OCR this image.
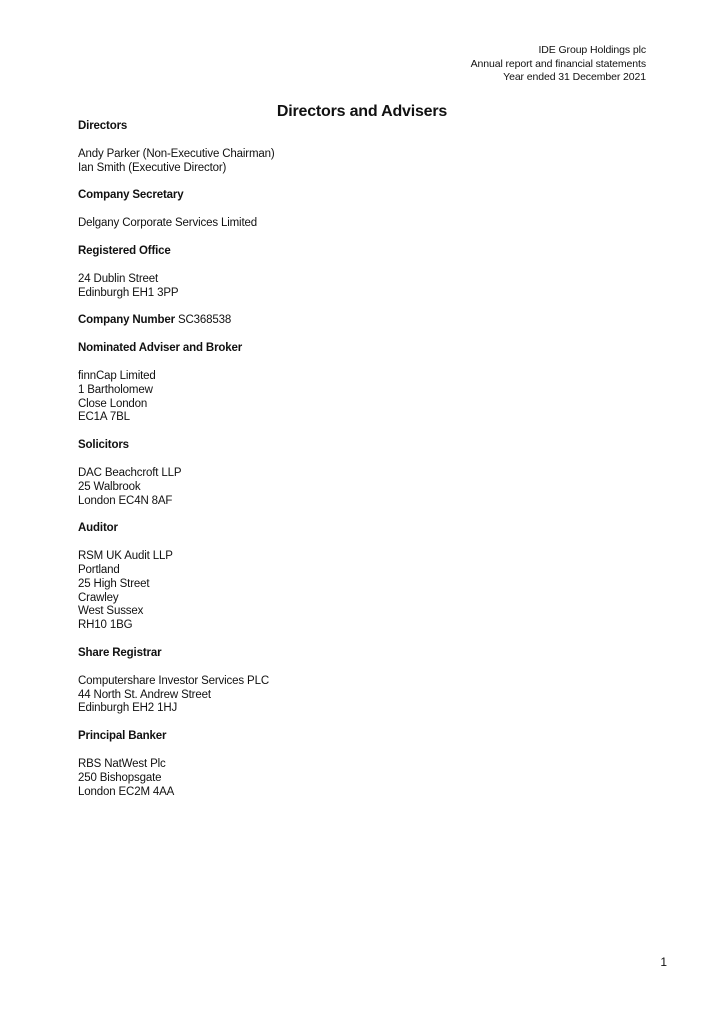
IDE Group Holdings plc
Annual report and financial statements
Year ended 31 December 2021
Directors and Advisers
Directors
Andy Parker (Non-Executive Chairman)
Ian Smith (Executive Director)
Company Secretary
Delgany Corporate Services Limited
Registered Office
24 Dublin Street
Edinburgh EH1 3PP
Company Number SC368538
Nominated Adviser and Broker
finnCap Limited
1 Bartholomew
Close London
EC1A 7BL
Solicitors
DAC Beachcroft LLP
25 Walbrook
London EC4N 8AF
Auditor
RSM UK Audit LLP
Portland
25 High Street
Crawley
West Sussex
RH10 1BG
Share Registrar
Computershare Investor Services PLC
44 North St. Andrew Street
Edinburgh EH2 1HJ
Principal Banker
RBS NatWest Plc
250 Bishopsgate
London EC2M 4AA
1
